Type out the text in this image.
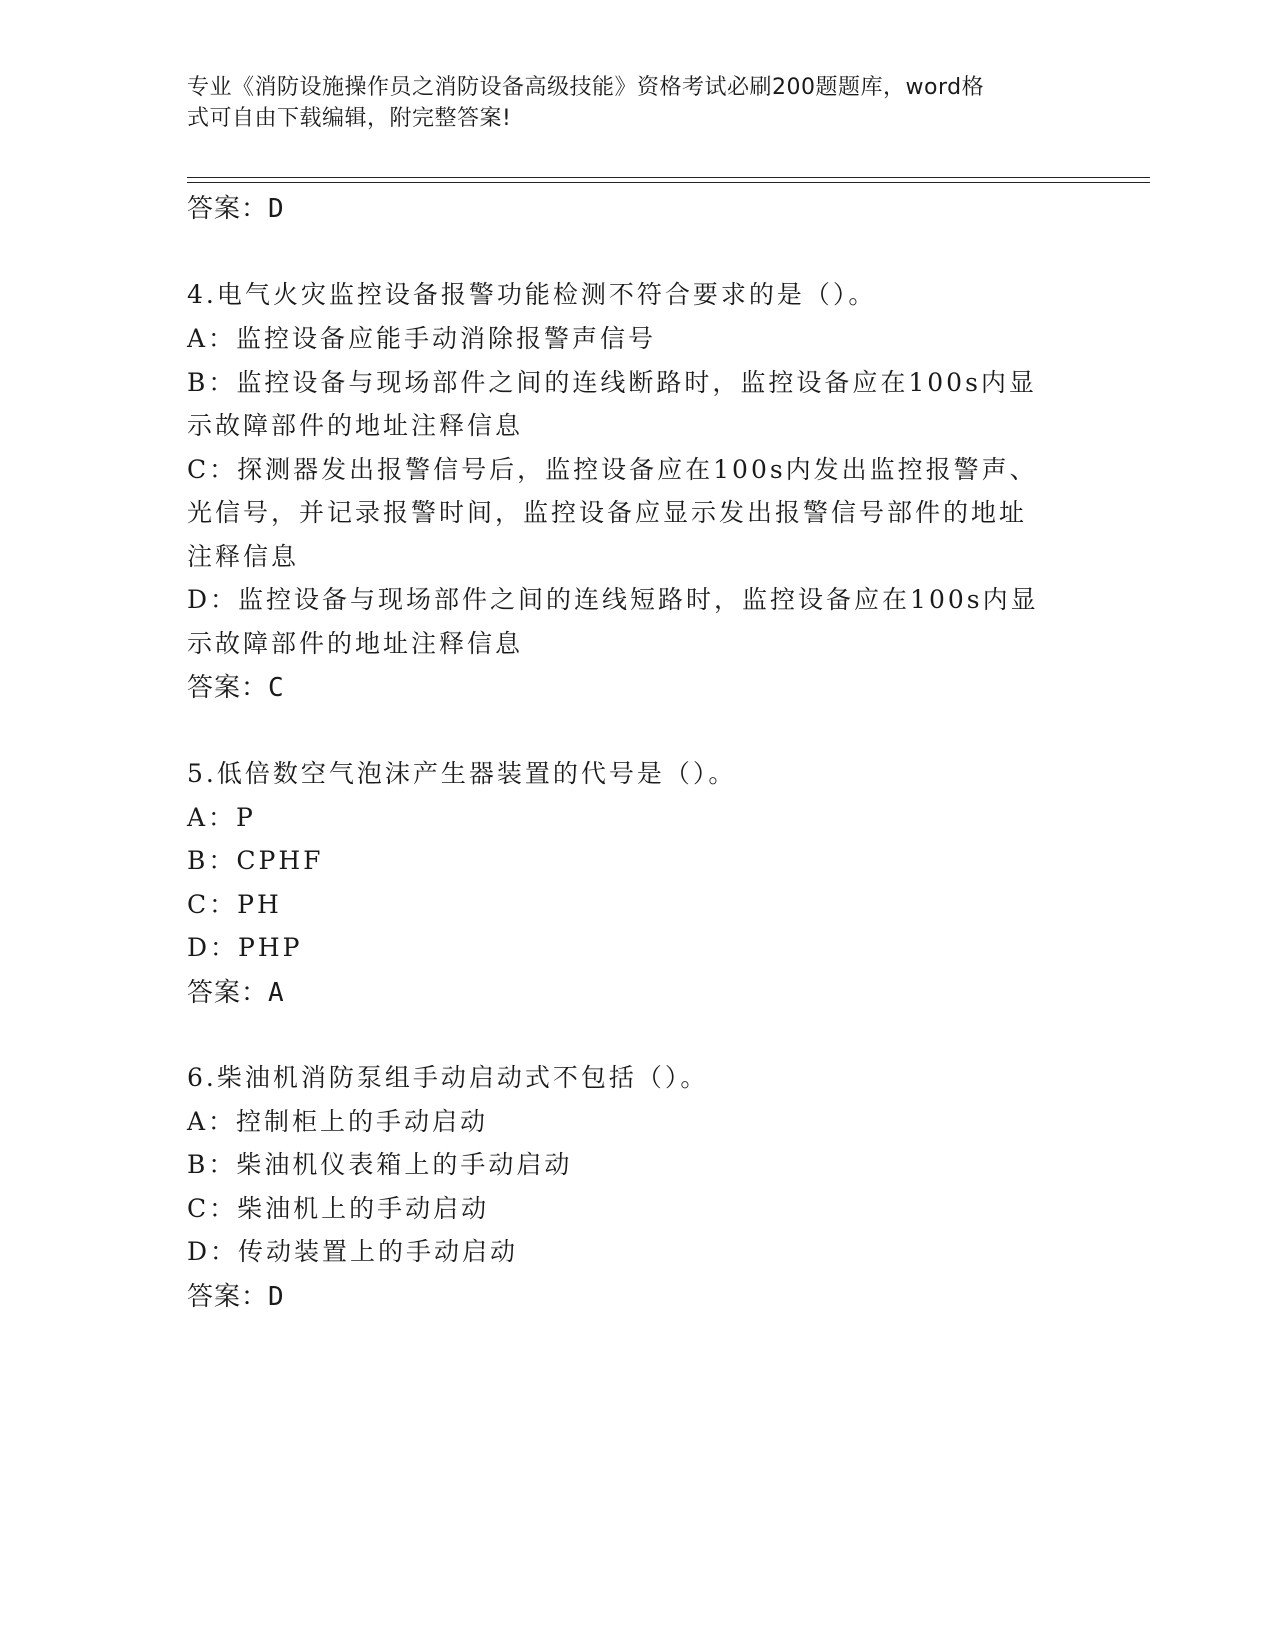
专业《消防设施操作员之消防设备高级技能》资格考试必刷200题题库，word格
式可自由下载编辑，附完整答案!
答案：D
4.电气火灾监控设备报警功能检测不符合要求的是（）。
A：监控设备应能手动消除报警声信号
B：监控设备与现场部件之间的连线断路时，监控设备应在100s内显
示故障部件的地址注释信息
C：探测器发出报警信号后，监控设备应在100s内发出监控报警声、
光信号，并记录报警时间，监控设备应显示发出报警信号部件的地址
注释信息
D：监控设备与现场部件之间的连线短路时，监控设备应在100s内显
示故障部件的地址注释信息
答案：C
5.低倍数空气泡沫产生器装置的代号是（）。
A：P
B：CPHF
C：PH
D：PHP
答案：A
6.柴油机消防泵组手动启动式不包括（）。
A：控制柜上的手动启动
B：柴油机仪表箱上的手动启动
C：柴油机上的手动启动
D：传动装置上的手动启动
答案：D
